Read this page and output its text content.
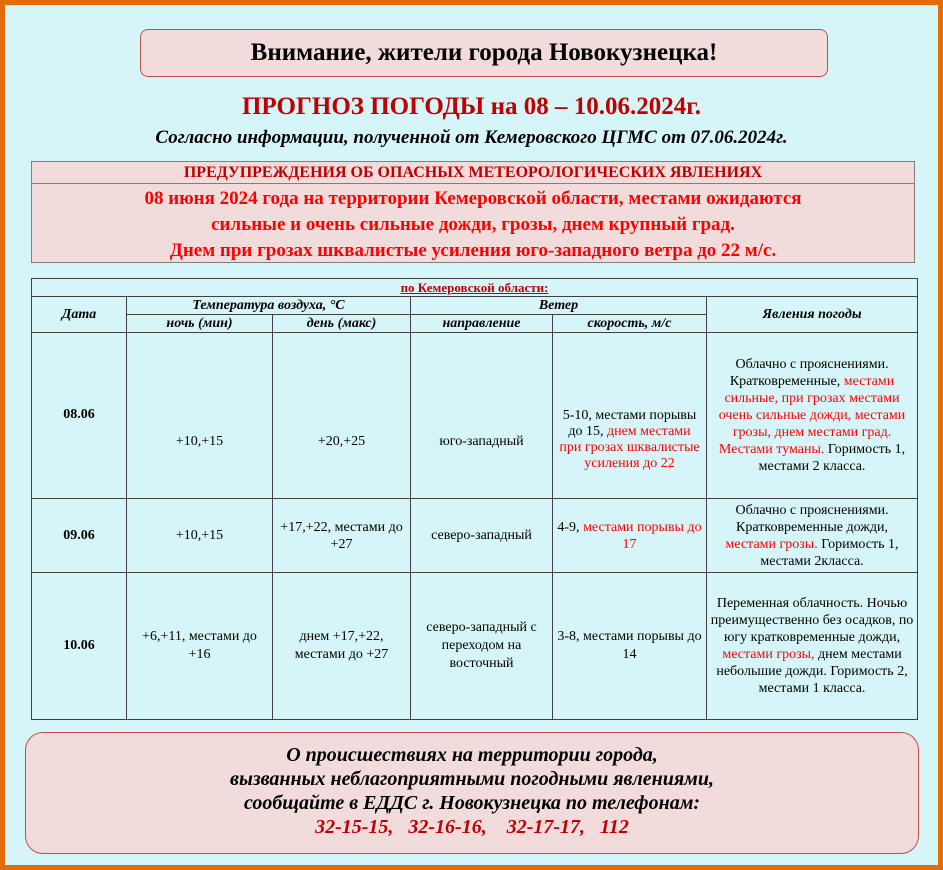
Внимание, жители города Новокузнецка!
ПРОГНОЗ ПОГОДЫ на 08 – 10.06.2024г.
Согласно информации, полученной от Кемеровского ЦГМС от 07.06.2024г.
ПРЕДУПРЕЖДЕНИЯ ОБ ОПАСНЫХ МЕТЕОРОЛОГИЧЕСКИХ ЯВЛЕНИЯХ
08 июня 2024 года на территории Кемеровской области, местами ожидаются
сильные и очень сильные дожди, грозы, днем крупный град.
Днем при грозах шквалистые усиления юго-западного ветра до 22 м/с.
по Кемеровской области:					
Дата	Температура воздуха, °С		Ветер		Явления погоды
	ночь (мин)	день (макс)	направление	скорость, м/с	
08.06	+10,+15	+20,+25	юго-западный	5-10, местами порывы до 15, днем местами при грозах шквалистые усиления до 22	Облачно с прояснениями. Кратковременные, местами сильные, при грозах местами очень сильные дожди, местами грозы, днем местами град. Местами туманы. Горимость 1, местами 2 класса.
09.06	+10,+15	+17,+22, местами до +27	северо-западный	4-9, местами порывы до 17	Облачно с прояснениями. Кратковременные дожди, местами грозы. Горимость 1, местами 2класса.
10.06	+6,+11, местами до +16	днем +17,+22, местами до +27	северо-западный с переходом на восточный	3-8, местами порывы до 14	Переменная облачность. Ночью преимущественно без осадков, по югу кратковременные дожди, местами грозы, днем местами небольшие дожди. Горимость 2, местами 1 класса.
О происшествиях на территории города,
вызванных неблагоприятными погодными явлениями,
сообщайте в ЕДДС г. Новокузнецка по телефонам:
32-15-15,   32-16-16,    32-17-17,   112
